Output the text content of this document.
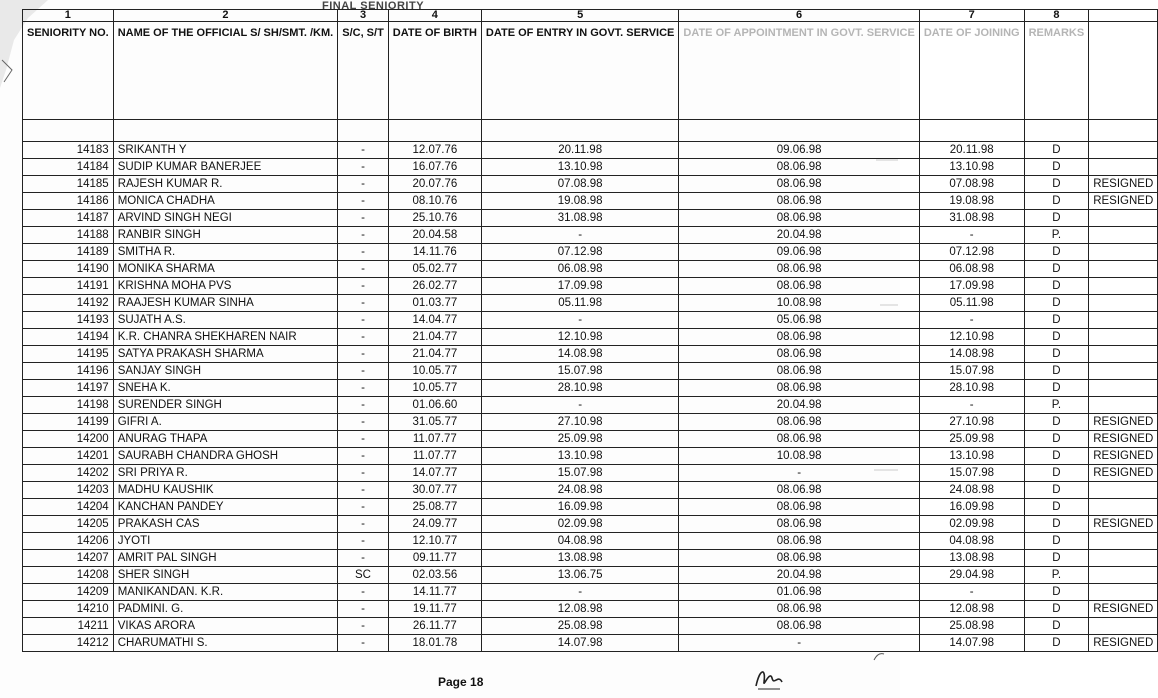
FINAL SENIORITY
1	2	3	4	5	6	7	8	
SENIORITY NO.	NAME OF THE OFFICIAL S/ SH/SMT. /KM.	S/C, S/T	DATE OF BIRTH	DATE OF ENTRY IN GOVT. SERVICE	DATE OF APPOINTMENT IN GOVT. SERVICE	DATE OF JOINING	REMARKS	

14183	SRIKANTH Y	-	12.07.76	20.11.98	09.06.98	20.11.98	D	
14184	SUDIP KUMAR BANERJEE	-	16.07.76	13.10.98	08.06.98	13.10.98	D	
14185	RAJESH KUMAR R.	-	20.07.76	07.08.98	08.06.98	07.08.98	D	RESIGNED
14186	MONICA CHADHA	-	08.10.76	19.08.98	08.06.98	19.08.98	D	RESIGNED
14187	ARVIND SINGH NEGI	-	25.10.76	31.08.98	08.06.98	31.08.98	D	
14188	RANBIR SINGH	-	20.04.58	-	20.04.98	-	P.	
14189	SMITHA R.	-	14.11.76	07.12.98	09.06.98	07.12.98	D	
14190	MONIKA SHARMA	-	05.02.77	06.08.98	08.06.98	06.08.98	D	
14191	KRISHNA MOHA PVS	-	26.02.77	17.09.98	08.06.98	17.09.98	D	
14192	RAAJESH KUMAR SINHA	-	01.03.77	05.11.98	10.08.98	05.11.98	D	
14193	SUJATH A.S.	-	14.04.77	-	05.06.98	-	D	
14194	K.R. CHANRA SHEKHAREN NAIR	-	21.04.77	12.10.98	08.06.98	12.10.98	D	
14195	SATYA PRAKASH SHARMA	-	21.04.77	14.08.98	08.06.98	14.08.98	D	
14196	SANJAY SINGH	-	10.05.77	15.07.98	08.06.98	15.07.98	D	
14197	SNEHA K.	-	10.05.77	28.10.98	08.06.98	28.10.98	D	
14198	SURENDER SINGH	-	01.06.60	-	20.04.98	-	P.	
14199	GIFRI A.	-	31.05.77	27.10.98	08.06.98	27.10.98	D	RESIGNED
14200	ANURAG THAPA	-	11.07.77	25.09.98	08.06.98	25.09.98	D	RESIGNED
14201	SAURABH CHANDRA GHOSH	-	11.07.77	13.10.98	10.08.98	13.10.98	D	RESIGNED
14202	SRI PRIYA R.	-	14.07.77	15.07.98	-	15.07.98	D	RESIGNED
14203	MADHU KAUSHIK	-	30.07.77	24.08.98	08.06.98	24.08.98	D	
14204	KANCHAN PANDEY	-	25.08.77	16.09.98	08.06.98	16.09.98	D	
14205	PRAKASH CAS	-	24.09.77	02.09.98	08.06.98	02.09.98	D	RESIGNED
14206	JYOTI	-	12.10.77	04.08.98	08.06.98	04.08.98	D	
14207	AMRIT PAL SINGH	-	09.11.77	13.08.98	08.06.98	13.08.98	D	
14208	SHER SINGH	SC	02.03.56	13.06.75	20.04.98	29.04.98	P.	
14209	MANIKANDAN. K.R.	-	14.11.77	-	01.06.98	-	D	
14210	PADMINI. G.	-	19.11.77	12.08.98	08.06.98	12.08.98	D	RESIGNED
14211	VIKAS ARORA	-	26.11.77	25.08.98	08.06.98	25.08.98	D	
14212	CHARUMATHI S.	-	18.01.78	14.07.98	-	14.07.98	D	RESIGNED
Page 18
